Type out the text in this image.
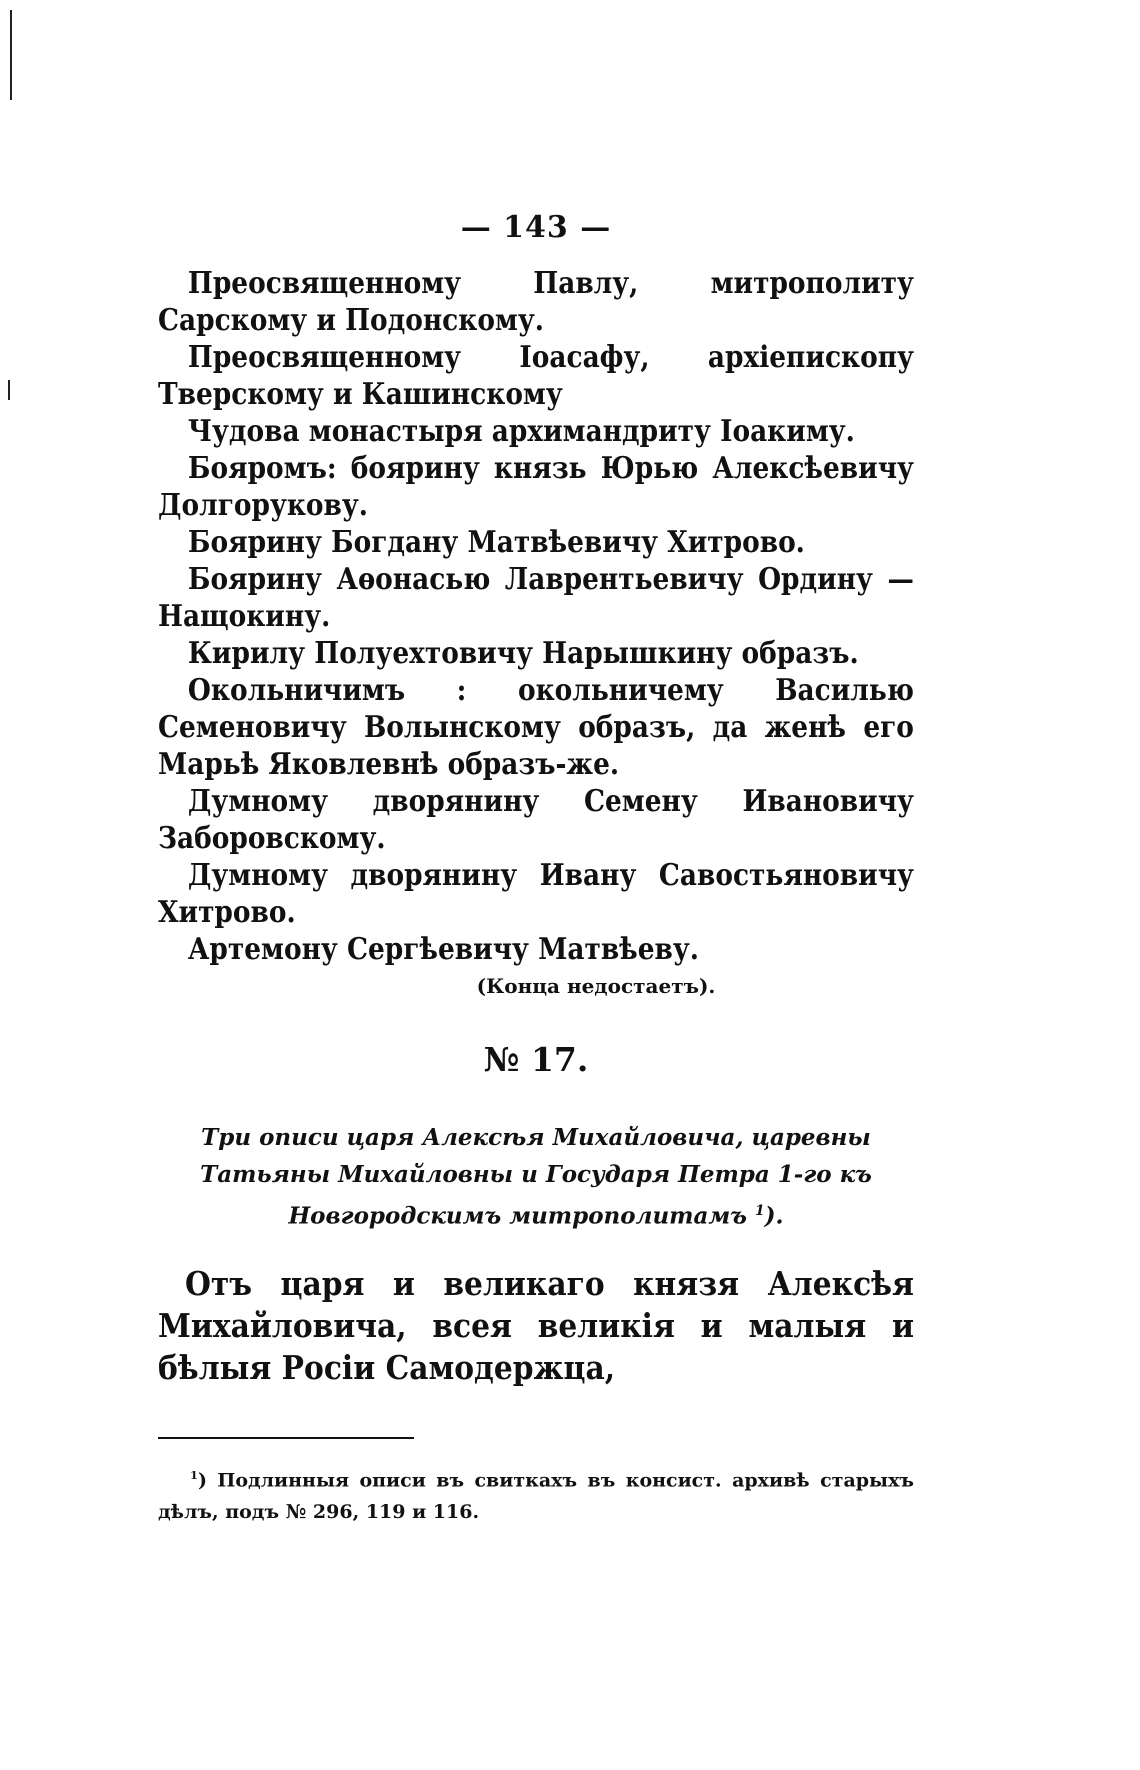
— 143 —

Преосвященному Павлу, митрополиту Сарскому и Подонскому.

Преосвященному Іоасафу, архіепископу Тверскому и Кашинскому

Чудова монастыря архимандриту Іоакиму.

Бояромъ: боярину князь Юрью Алексѣевичу Долгорукову.

Боярину Богдану Матвѣевичу Хитрово.

Боярину Аѳонасью Лаврентьевичу Ордину — Нащокину.

Кирилу Полуехтовичу Нарышкину образъ.

Окольничимъ : окольничему Василью Семеновичу Волынскому образъ, да женѣ его Марьѣ Яковлевнѣ образъ-же.

Думному дворянину Семену Ивановичу Заборовскому.

Думному дворянину Ивану Савостьяновичу Хитрово.

Артемону Сергѣевичу Матвѣеву.

(Конца недостаетъ).
№ 17.

Три описи царя Алексѣя Михайловича, царевны Татьяны Михайловны и Государя Петра 1-го къ Новгородскимъ митрополитамъ $^1$).

Отъ царя и великаго князя Алексѣя Михайловича, всея великія и малыя и бѣлыя Росіи Самодержца,

$^1$) Подлинныя описи въ свиткахъ въ консист. архивѣ старыхъ дѣлъ, подъ № 296, 119 и 116.
